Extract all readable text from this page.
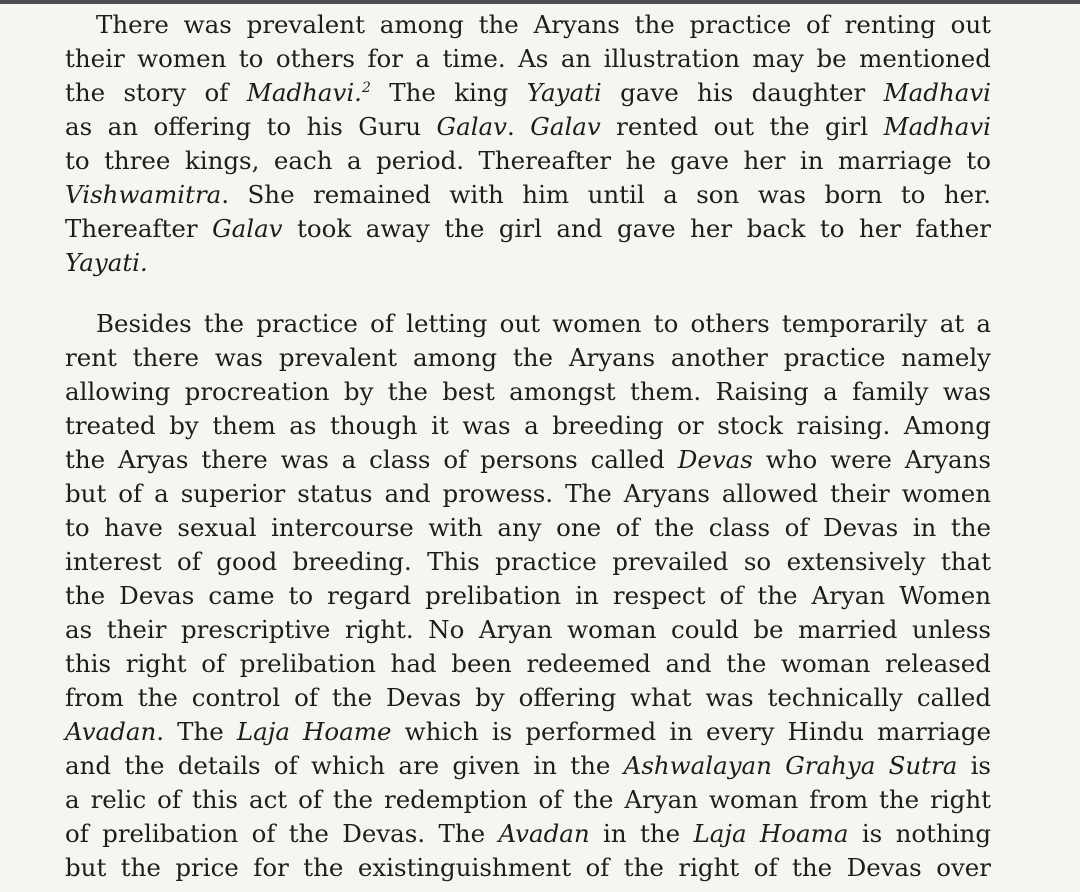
There was prevalent among the Aryans the practice of renting out
their women to others for a time. As an illustration may be mentioned
the story of Madhavi.$^2$ The king Yayati gave his daughter Madhavi
as an offering to his Guru Galav. Galav rented out the girl Madhavi
to three kings, each a period. Thereafter he gave her in marriage to
Vishwamitra. She remained with him until a son was born to her.
Thereafter Galav took away the girl and gave her back to her father
Yayati.
Besides the practice of letting out women to others temporarily at a
rent there was prevalent among the Aryans another practice namely
allowing procreation by the best amongst them. Raising a family was
treated by them as though it was a breeding or stock raising. Among
the Aryas there was a class of persons called Devas who were Aryans
but of a superior status and prowess. The Aryans allowed their women
to have sexual intercourse with any one of the class of Devas in the
interest of good breeding. This practice prevailed so extensively that
the Devas came to regard prelibation in respect of the Aryan Women
as their prescriptive right. No Aryan woman could be married unless
this right of prelibation had been redeemed and the woman released
from the control of the Devas by offering what was technically called
Avadan. The Laja Hoame which is performed in every Hindu marriage
and the details of which are given in the Ashwalayan Grahya Sutra is
a relic of this act of the redemption of the Aryan woman from the right
of prelibation of the Devas. The Avadan in the Laja Hoama is nothing
but the price for the existinguishment of the right of the Devas over
